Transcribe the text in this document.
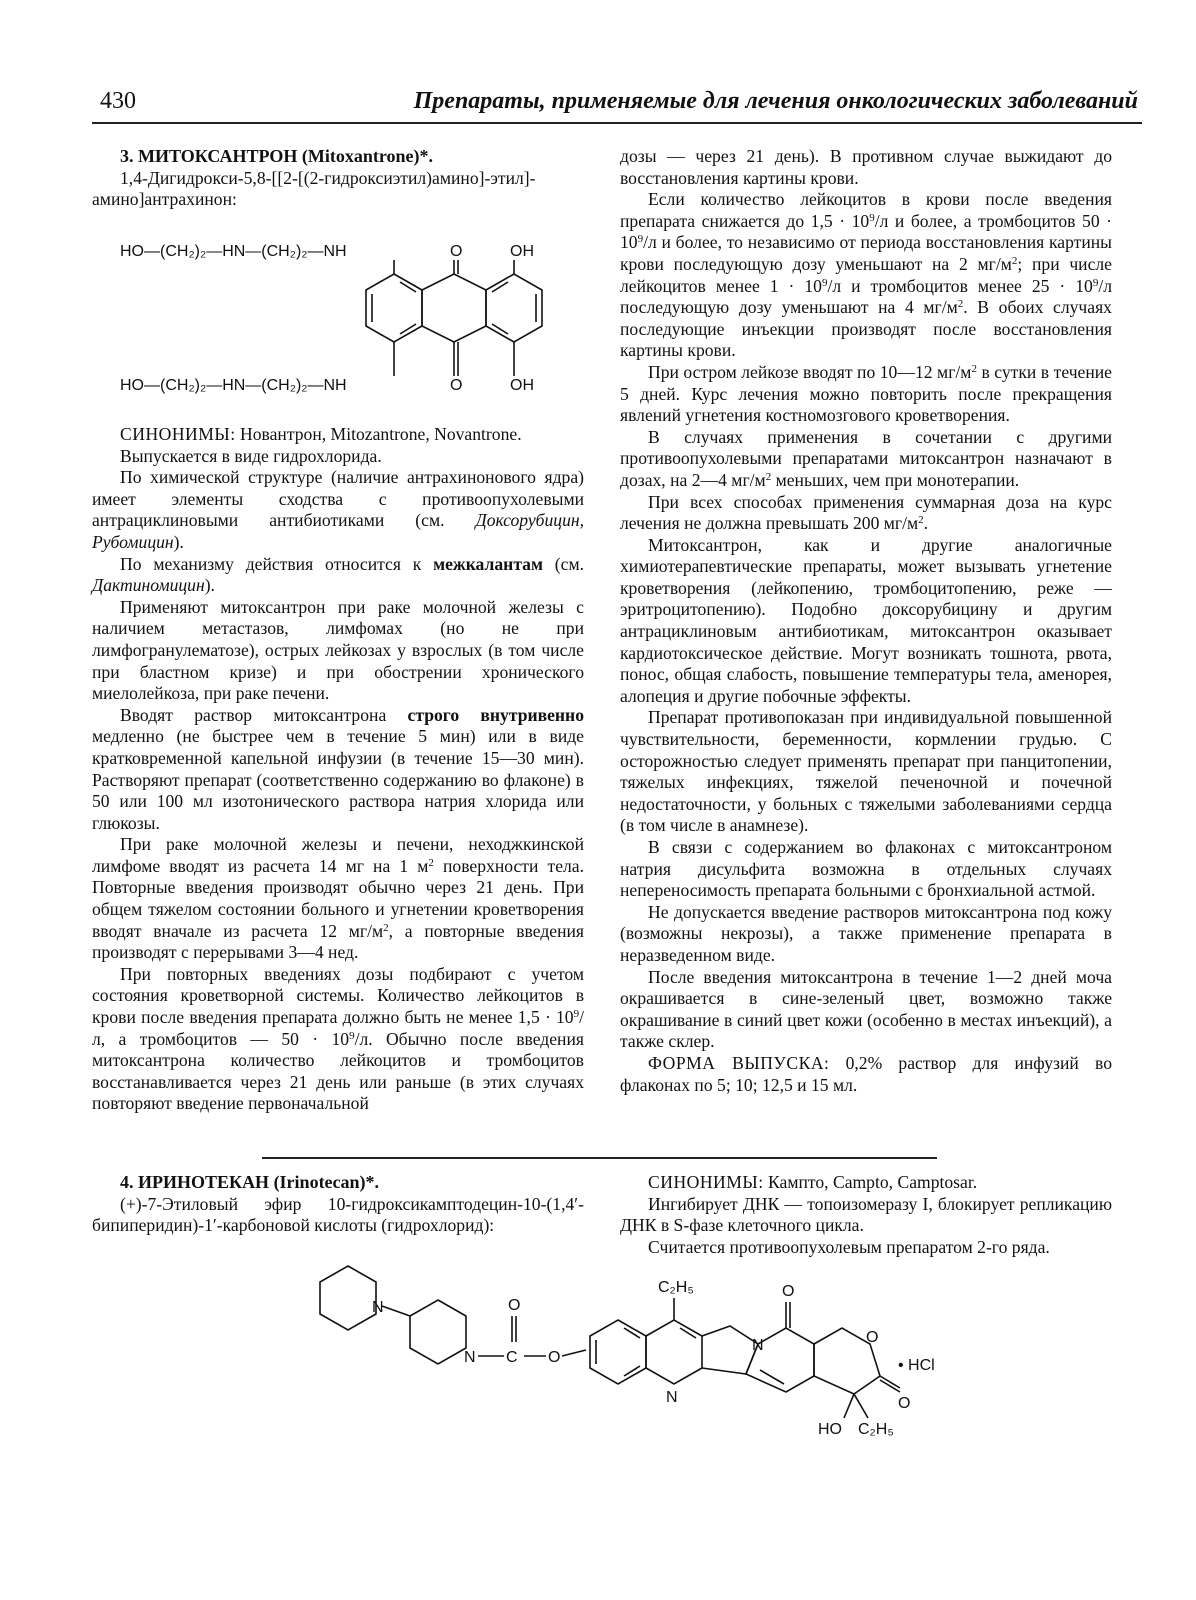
430	Препараты, применяемые для лечения онкологических заболеваний

3. МИТОКСАНТРОН (Mitoxantrone)*.

1,4-Дигидрокси-5,8-[[2-[(2-гидроксиэтил)амино]-этил]-амино]антрахинон:

HO—(CH₂)₂—HN—(CH₂)₂—NH
HO—(CH₂)₂—HN—(CH₂)₂—NH
O
O
OH
OH

СИНОНИМЫ: Новантрон, Mitozantrone, Novantrone.

Выпускается в виде гидрохлорида.

По химической структуре (наличие антрахинонового ядра) имеет элементы сходства с противоопухолевыми антрациклиновыми антибиотиками (см. Доксорубицин, Рубомицин).

По механизму действия относится к межкалантам (см. Дактиномицин).

Применяют митоксантрон при раке молочной железы с наличием метастазов, лимфомах (но не при лимфогранулематозе), острых лейкозах у взрослых (в том числе при бластном кризе) и при обострении хронического миелолейкоза, при раке печени.

Вводят раствор митоксантрона строго внутривенно медленно (не быстрее чем в течение 5 мин) или в виде кратковременной капельной инфузии (в течение 15—30 мин). Растворяют препарат (соответственно содержанию во флаконе) в 50 или 100 мл изотонического раствора натрия хлорида или глюкозы.

При раке молочной железы и печени, неходжкинской лимфоме вводят из расчета 14 мг на 1 $м^2$ поверхности тела. Повторные введения производят обычно через 21 день. При общем тяжелом состоянии больного и угнетении кроветворения вводят вначале из расчета 12 $мг/м^2$, а повторные введения производят с перерывами 3—4 нед.

При повторных введениях дозы подбирают с учетом состояния кроветворной системы. Количество лейкоцитов в крови после введения препарата должно быть не менее $1,5 \cdot 10^9/л$, а тромбоцитов — $50 \cdot 10^9/л$. Обычно после введения митоксантрона количество лейкоцитов и тромбоцитов восстанавливается через 21 день или раньше (в этих случаях повторяют введение первоначальной

дозы — через 21 день). В противном случае выжидают до восстановления картины крови.

Если количество лейкоцитов в крови после введения препарата снижается до $1,5 \cdot 10^9/л$ и более, а тромбоцитов $50 \cdot 10^9/л$ и более, то независимо от периода восстановления картины крови последующую дозу уменьшают на 2 $мг/м^2$; при числе лейкоцитов менее $1 \cdot 10^9/л$ и тромбоцитов менее $25 \cdot 10^9/л$ последующую дозу уменьшают на 4 $мг/м^2$. В обоих случаях последующие инъекции производят после восстановления картины крови.

При остром лейкозе вводят по 10—12 $мг/м^2$ в сутки в течение 5 дней. Курс лечения можно повторить после прекращения явлений угнетения костномозгового кроветворения.

В случаях применения в сочетании с другими противоопухолевыми препаратами митоксантрон назначают в дозах, на 2—4 $мг/м^2$ меньших, чем при монотерапии.

При всех способах применения суммарная доза на курс лечения не должна превышать 200 $мг/м^2$.

Митоксантрон, как и другие аналогичные химиотерапевтические препараты, может вызывать угнетение кроветворения (лейкопению, тромбоцитопению, реже — эритроцитопению). Подобно доксорубицину и другим антрациклиновым антибиотикам, митоксантрон оказывает кардиотоксическое действие. Могут возникать тошнота, рвота, понос, общая слабость, повышение температуры тела, аменорея, алопеция и другие побочные эффекты.

Препарат противопоказан при индивидуальной повышенной чувствительности, беременности, кормлении грудью. С осторожностью следует применять препарат при панцитопении, тяжелых инфекциях, тяжелой печеночной и почечной недостаточности, у больных с тяжелыми заболеваниями сердца (в том числе в анамнезе).

В связи с содержанием во флаконах с митоксантроном натрия дисульфита возможна в отдельных случаях непереносимость препарата больными с бронхиальной астмой.

Не допускается введение растворов митоксантрона под кожу (возможны некрозы), а также применение препарата в неразведенном виде.

После введения митоксантрона в течение 1—2 дней моча окрашивается в сине-зеленый цвет, возможно также окрашивание в синий цвет кожи (особенно в местах инъекций), а также склер.

ФОРМА ВЫПУСКА: 0,2% раствор для инфузий во флаконах по 5; 10; 12,5 и 15 мл.

4. ИРИНОТЕКАН (Irinotecan)*.

(+)-7-Этиловый эфир 10-гидроксикамптодецин-10-(1,4′-бипиперидин)-1′-карбоновой кислоты (гидрохлорид):

СИНОНИМЫ: Кампто, Campto, Camptosar.

Ингибирует ДНК — топоизомеразу I, блокирует репликацию ДНК в S-фазе клеточного цикла.

Считается противоопухолевым препаратом 2-го ряда.

N
N C
O
O
C₂H₅	O
N
N
O
O
HO C₂H₅
• HCl
